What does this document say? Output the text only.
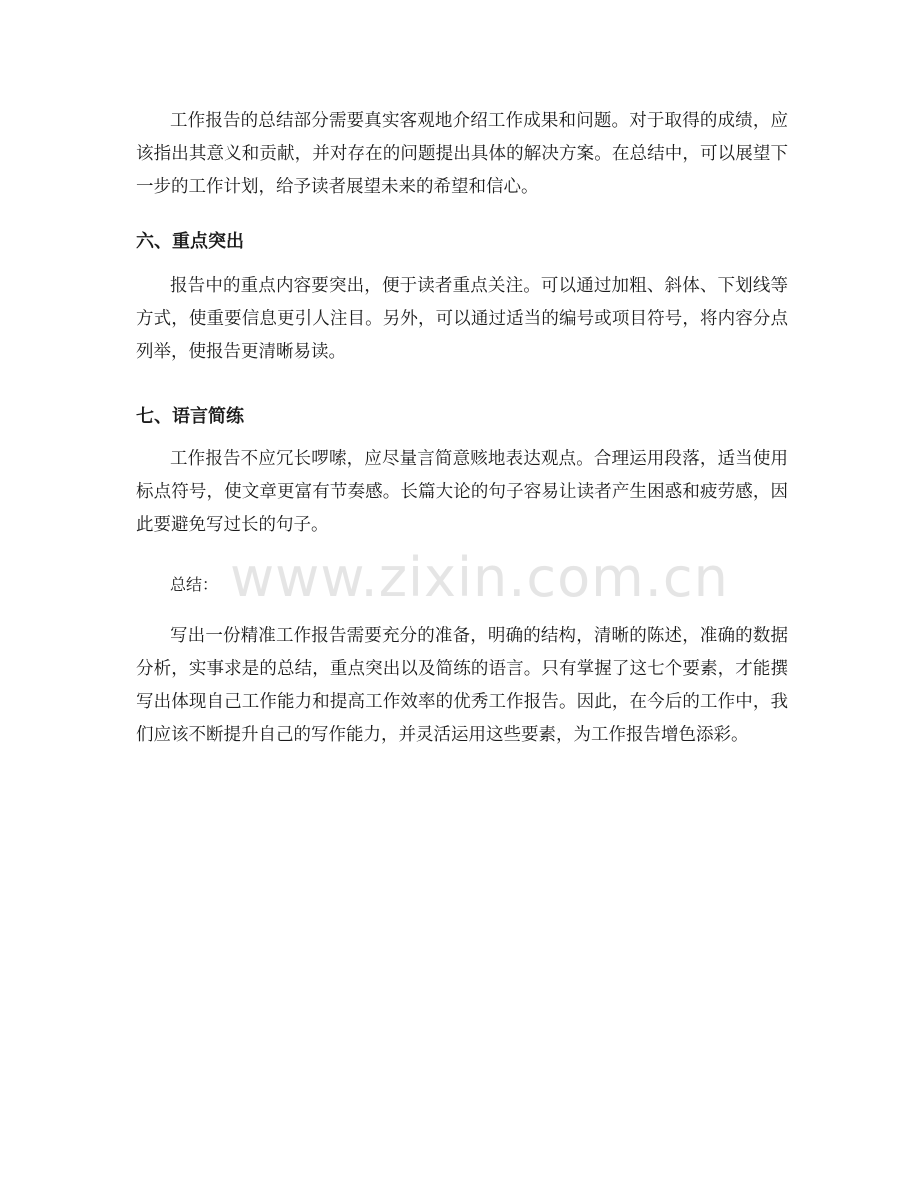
工作报告的总结部分需要真实客观地介绍工作成果和问题。对于取得的成绩，应该指出其意义和贡献，并对存在的问题提出具体的解决方案。在总结中，可以展望下一步的工作计划，给予读者展望未来的希望和信心。

六、重点突出

报告中的重点内容要突出，便于读者重点关注。可以通过加粗、斜体、下划线等方式，使重要信息更引人注目。另外，可以通过适当的编号或项目符号，将内容分点列举，使报告更清晰易读。

七、语言简练

工作报告不应冗长啰嗦，应尽量言简意赅地表达观点。合理运用段落，适当使用标点符号，使文章更富有节奏感。长篇大论的句子容易让读者产生困惑和疲劳感，因此要避免写过长的句子。

总结：

写出一份精准工作报告需要充分的准备，明确的结构，清晰的陈述，准确的数据分析，实事求是的总结，重点突出以及简练的语言。只有掌握了这七个要素，才能撰写出体现自己工作能力和提高工作效率的优秀工作报告。因此，在今后的工作中，我们应该不断提升自己的写作能力，并灵活运用这些要素，为工作报告增色添彩。

www.zixin.com.cn
